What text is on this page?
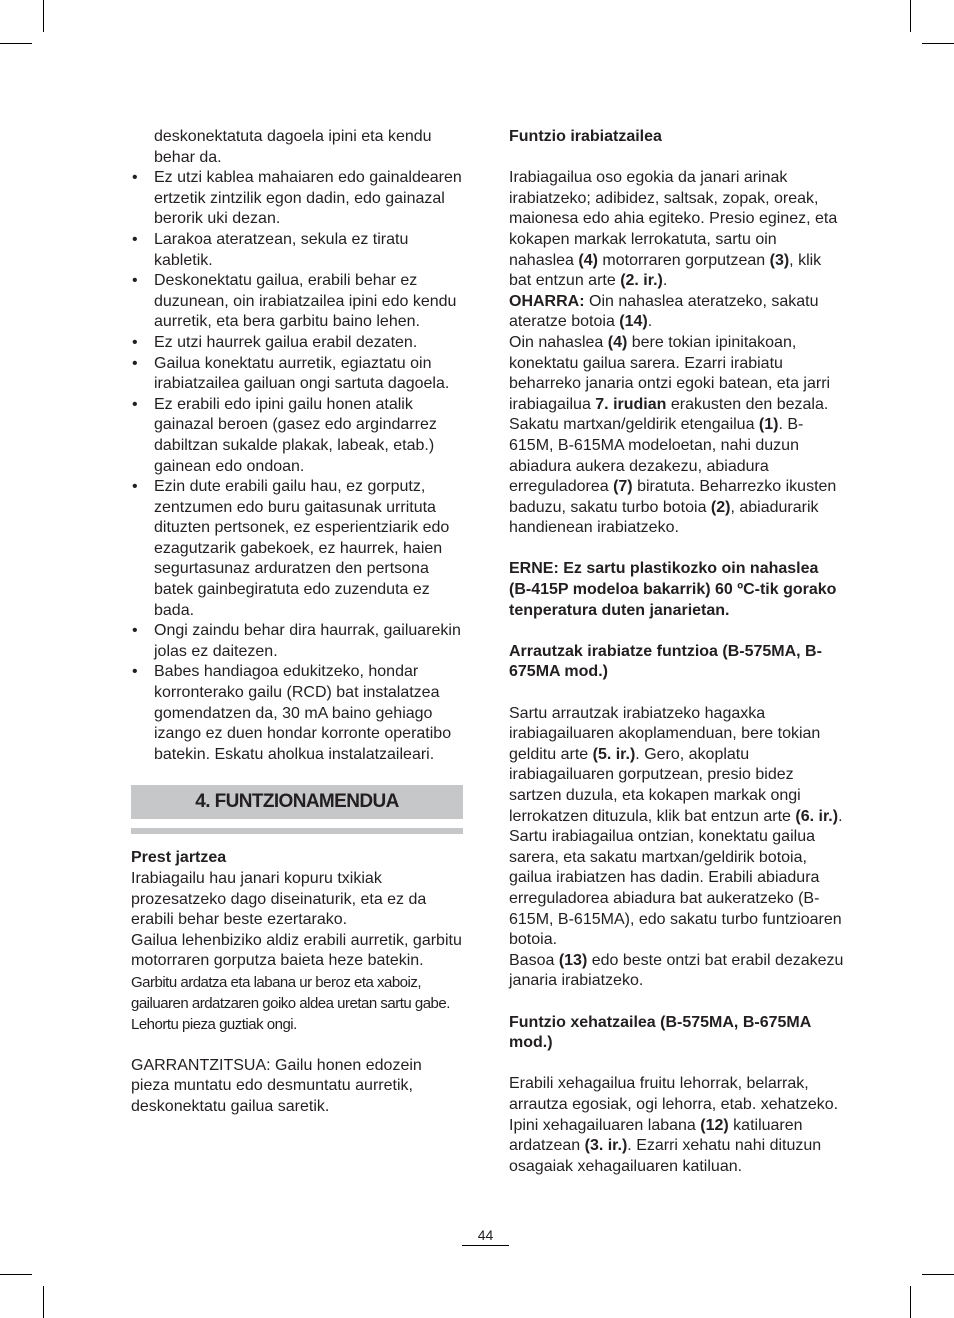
deskonektatuta dagoela ipini eta kendu behar da.

• Ez utzi kablea mahaiaren edo gainaldearen ertzetik zintzilik egon dadin, edo gainazal berorik uki dezan.
• Larakoa ateratzean, sekula ez tiratu kabletik.
• Deskonektatu gailua, erabili behar ez duzunean, oin irabiatzailea ipini edo kendu aurretik, eta bera garbitu baino lehen.
• Ez utzi haurrek gailua erabil dezaten.
• Gailua konektatu aurretik, egiaztatu oin irabiatzailea gailuan ongi sartuta dagoela.
• Ez erabili edo ipini gailu honen atalik gainazal beroen (gasez edo argindarrez dabiltzan sukalde plakak, labeak, etab.) gainean edo ondoan.
• Ezin dute erabili gailu hau, ez gorputz, zentzumen edo buru gaitasunak urrituta dituzten pertsonek, ez esperientziarik edo ezagutzarik gabekoek, ez haurrek, haien segurtasunaz arduratzen den pertsona batek gainbegiratuta edo zuzenduta ez bada.
• Ongi zaindu behar dira haurrak, gailuarekin jolas ez daitezen.
• Babes handiagoa edukitzeko, hondar korronterako gailu (RCD) bat instalatzea gomendatzen da, 30 mA baino gehiago izango ez duen hondar korronte operatibo batekin. Eskatu aholkua instalatzaileari.
4. FUNTZIONAMENDUA

Prest jartzea

Irabiagailu hau janari kopuru txikiak prozesatzeko dago diseinaturik, eta ez da erabili behar beste ezertarako.

Gailua lehenbiziko aldiz erabili aurretik, garbitu motorraren gorputza baieta heze batekin.

Garbitu ardatza eta labana ur beroz eta xaboiz, gailuaren ardatzaren goiko aldea uretan sartu gabe. Lehortu pieza guztiak ongi.

GARRANTZITSUA: Gailu honen edozein pieza muntatu edo desmuntatu aurretik, deskonektatu gailua saretik.

Funtzio irabiatzailea

Irabiagailua oso egokia da janari arinak irabiatzeko; adibidez, saltsak, zopak, oreak, maionesa edo ahia egiteko. Presio eginez, eta kokapen markak lerrokatuta, sartu oin nahaslea (4) motorraren gorputzean (3), klik bat entzun arte (2. ir.).

OHARRA: Oin nahaslea ateratzeko, sakatu ateratze botoia (14).

Oin nahaslea (4) bere tokian ipinitakoan, konektatu gailua sarera. Ezarri irabiatu beharreko janaria ontzi egoki batean, eta jarri irabiagailua 7. irudian erakusten den bezala. Sakatu martxan/geldirik etengailua (1). B-615M, B-615MA modeloetan, nahi duzun abiadura aukera dezakezu, abiadura erreguladorea (7) biratuta. Beharrezko ikusten baduzu, sakatu turbo botoia (2), abiadurarik handienean irabiatzeko.

ERNE: Ez sartu plastikozko oin nahaslea (B-415P modeloa bakarrik) 60 ºC-tik gorako tenperatura duten janarietan.

Arrautzak irabiatze funtzioa (B-575MA, B-675MA mod.)

Sartu arrautzak irabiatzeko hagaxka irabiagailuaren akoplamenduan, bere tokian gelditu arte (5. ir.). Gero, akoplatu irabiagailuaren gorputzean, presio bidez sartzen duzula, eta kokapen markak ongi lerrokatzen dituzula, klik bat entzun arte (6. ir.). Sartu irabiagailua ontzian, konektatu gailua sarera, eta sakatu martxan/geldirik botoia, gailua irabiatzen has dadin. Erabili abiadura erreguladorea abiadura bat aukeratzeko (B-615M, B-615MA), edo sakatu turbo funtzioaren botoia.

Basoa (13) edo beste ontzi bat erabil dezakezu janaria irabiatzeko.

Funtzio xehatzailea (B-575MA, B-675MA mod.)

Erabili xehagailua fruitu lehorrak, belarrak, arrautza egosiak, ogi lehorra, etab. xehatzeko. Ipini xehagailuaren labana (12) katiluaren ardatzean (3. ir.). Ezarri xehatu nahi dituzun osagaiak xehagailuaren katiluan.

44
